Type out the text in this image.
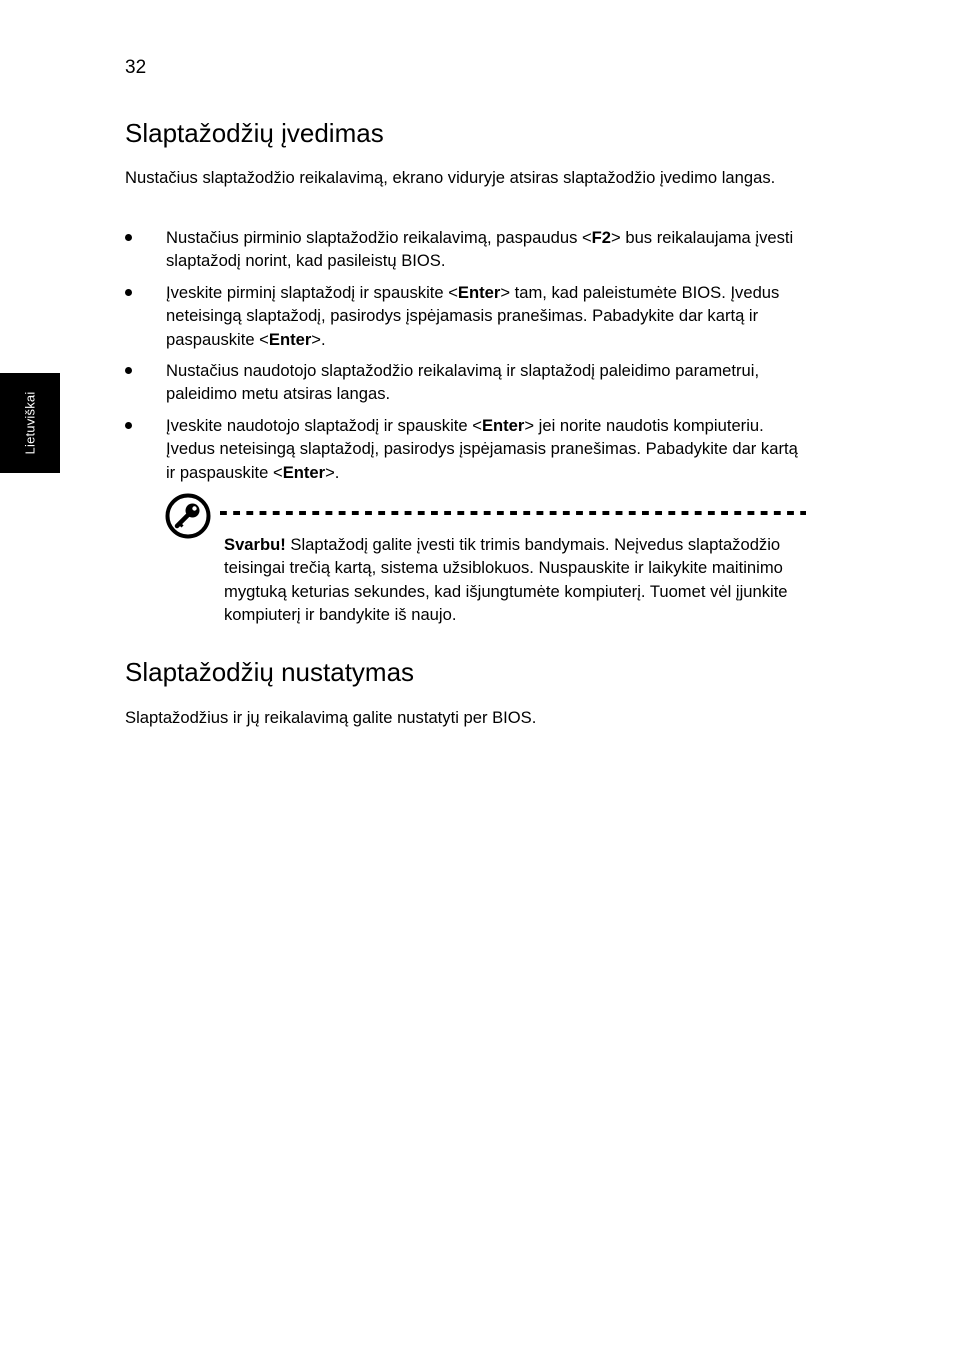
32
Lietuviškai
Slaptažodžių įvedimas

Nustačius slaptažodžio reikalavimą, ekrano viduryje atsiras slaptažodžio įvedimo langas.

Nustačius pirminio slaptažodžio reikalavimą, paspaudus <F2> bus reikalaujama įvesti slaptažodį norint, kad pasileistų BIOS.
Įveskite pirminį slaptažodį ir spauskite <Enter> tam, kad paleistumėte BIOS. Įvedus neteisingą slaptažodį, pasirodys įspėjamasis pranešimas. Pabadykite dar kartą ir paspauskite <Enter>.
Nustačius naudotojo slaptažodžio reikalavimą ir slaptažodį paleidimo parametrui, paleidimo metu atsiras langas.
Įveskite naudotojo slaptažodį ir spauskite <Enter> jei norite naudotis kompiuteriu. Įvedus neteisingą slaptažodį, pasirodys įspėjamasis pranešimas. Pabadykite dar kartą ir paspauskite <Enter>.

Svarbu! Slaptažodį galite įvesti tik trimis bandymais. Neįvedus slaptažodžio teisingai trečią kartą, sistema užsiblokuos. Nuspauskite ir laikykite maitinimo mygtuką keturias sekundes, kad išjungtumėte kompiuterį. Tuomet vėl įjunkite kompiuterį ir bandykite iš naujo.

Slaptažodžių nustatymas

Slaptažodžius ir jų reikalavimą galite nustatyti per BIOS.
